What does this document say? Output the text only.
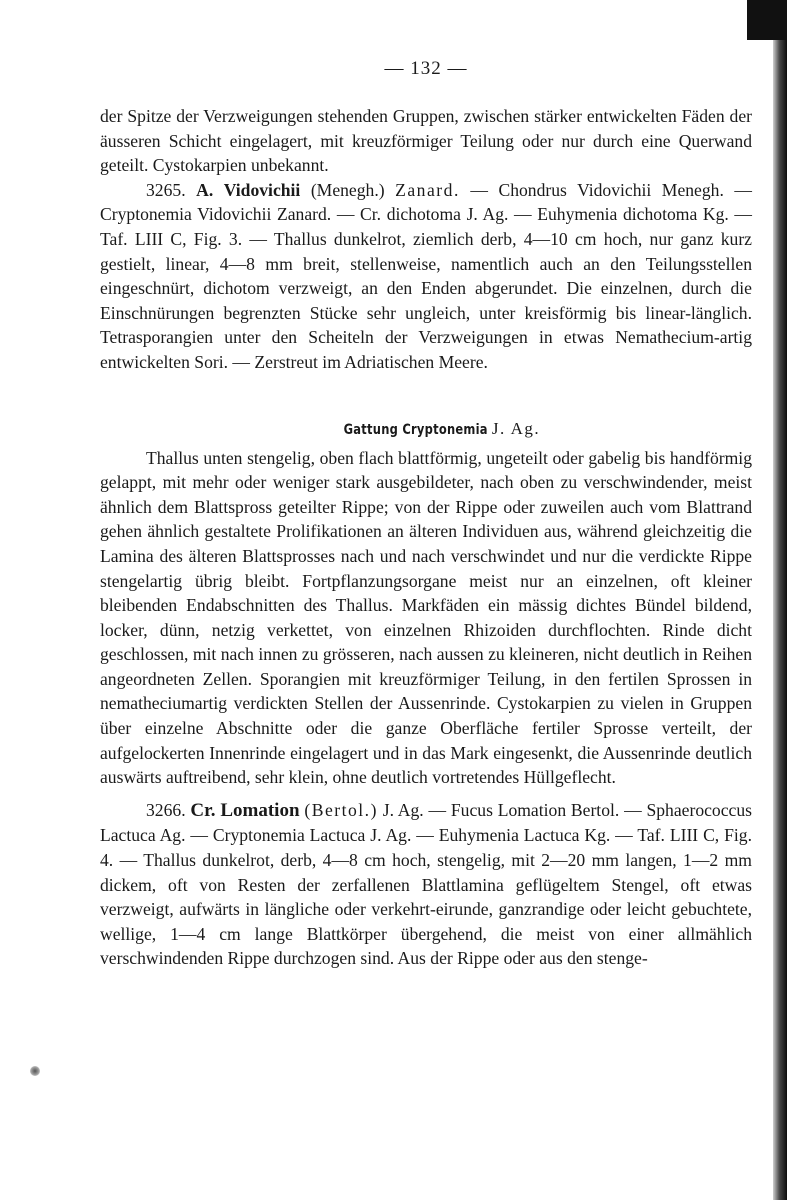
— 132 —

der Spitze der Verzweigungen stehenden Gruppen, zwischen stärker entwickelten Fäden der äusseren Schicht eingelagert, mit kreuzförmiger Teilung oder nur durch eine Querwand geteilt. Cystokarpien unbekannt.

3265. A. Vidovichii (Menegh.) Zanard. — Chondrus Vidovichii Menegh. — Cryptonemia Vidovichii Zanard. — Cr. dichotoma J. Ag. — Euhymenia dichotoma Kg. — Taf. LIII C, Fig. 3. — Thallus dunkelrot, ziemlich derb, 4—10 cm hoch, nur ganz kurz gestielt, linear, 4—8 mm breit, stellenweise, namentlich auch an den Teilungsstellen eingeschnürt, dichotom verzweigt, an den Enden abgerundet. Die einzelnen, durch die Einschnürungen begrenzten Stücke sehr ungleich, unter kreisförmig bis linear-länglich. Tetrasporangien unter den Scheiteln der Verzweigungen in etwas Nemathecium-artig entwickelten Sori. — Zerstreut im Adriatischen Meere.

Gattung Cryptonemia J. Ag.

Thallus unten stengelig, oben flach blattförmig, ungeteilt oder gabelig bis handförmig gelappt, mit mehr oder weniger stark ausgebildeter, nach oben zu verschwindender, meist ähnlich dem Blattspross geteilter Rippe; von der Rippe oder zuweilen auch vom Blattrand gehen ähnlich gestaltete Prolifikationen an älteren Individuen aus, während gleichzeitig die Lamina des älteren Blattsprosses nach und nach verschwindet und nur die verdickte Rippe stengelartig übrig bleibt. Fortpflanzungsorgane meist nur an einzelnen, oft kleiner bleibenden Endabschnitten des Thallus. Markfäden ein mässig dichtes Bündel bildend, locker, dünn, netzig verkettet, von einzelnen Rhizoiden durchflochten. Rinde dicht geschlossen, mit nach innen zu grösseren, nach aussen zu kleineren, nicht deutlich in Reihen angeordneten Zellen. Sporangien mit kreuzförmiger Teilung, in den fertilen Sprossen in nematheciumartig verdickten Stellen der Aussenrinde. Cystokarpien zu vielen in Gruppen über einzelne Abschnitte oder die ganze Oberfläche fertiler Sprosse verteilt, der aufgelockerten Innenrinde eingelagert und in das Mark eingesenkt, die Aussenrinde deutlich auswärts auftreibend, sehr klein, ohne deutlich vortretendes Hüllgeflecht.

3266. Cr. Lomation (Bertol.) J. Ag. — Fucus Lomation Bertol. — Sphaerococcus Lactuca Ag. — Cryptonemia Lactuca J. Ag. — Euhymenia Lactuca Kg. — Taf. LIII C, Fig. 4. — Thallus dunkelrot, derb, 4—8 cm hoch, stengelig, mit 2—20 mm langen, 1—2 mm dickem, oft von Resten der zerfallenen Blattlamina geflügeltem Stengel, oft etwas verzweigt, aufwärts in längliche oder verkehrt-eirunde, ganzrandige oder leicht gebuchtete, wellige, 1—4 cm lange Blattkörper übergehend, die meist von einer allmählich verschwindenden Rippe durchzogen sind. Aus der Rippe oder aus den stenge-
